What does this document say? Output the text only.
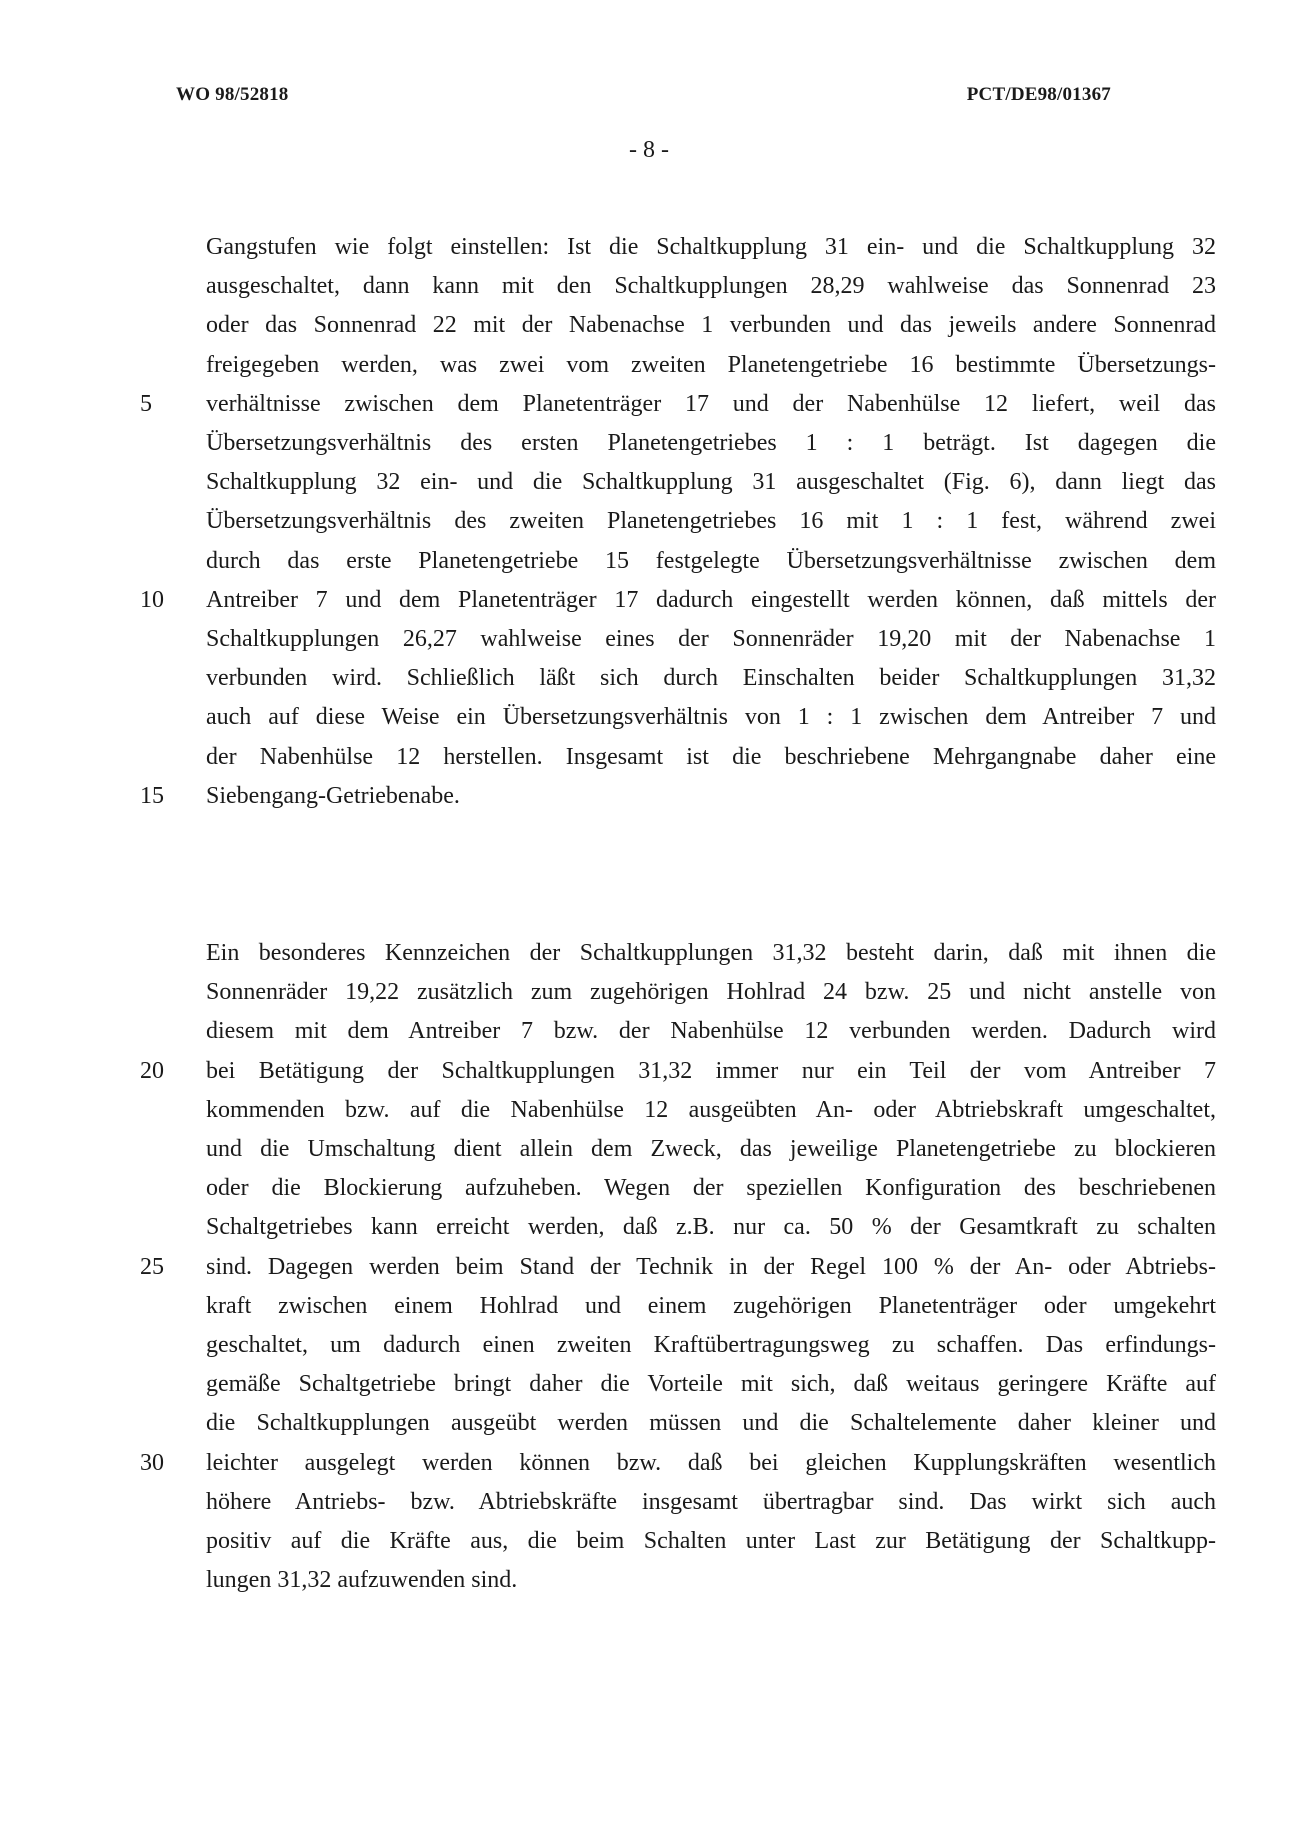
WO 98/52818	PCT/DE98/01367
- 8 -
Gangstufen wie folgt einstellen: Ist die Schaltkupplung 31 ein- und die Schaltkupplung 32
ausgeschaltet, dann kann mit den Schaltkupplungen 28,29 wahlweise das Sonnenrad 23
oder das Sonnenrad 22 mit der Nabenachse 1 verbunden und das jeweils andere Sonnenrad
freigegeben werden, was zwei vom zweiten Planetengetriebe 16 bestimmte Übersetzungs-
verhältnisse zwischen dem Planetenträger 17 und der Nabenhülse 12 liefert, weil das
Übersetzungsverhältnis des ersten Planetengetriebes 1 : 1 beträgt. Ist dagegen die
Schaltkupplung 32 ein- und die Schaltkupplung 31 ausgeschaltet (Fig. 6), dann liegt das
Übersetzungsverhältnis des zweiten Planetengetriebes 16 mit 1 : 1 fest, während zwei
durch das erste Planetengetriebe 15 festgelegte Übersetzungsverhältnisse zwischen dem
Antreiber 7 und dem Planetenträger 17 dadurch eingestellt werden können, daß mittels der
Schaltkupplungen 26,27 wahlweise eines der Sonnenräder 19,20 mit der Nabenachse 1
verbunden wird. Schließlich läßt sich durch Einschalten beider Schaltkupplungen 31,32
auch auf diese Weise ein Übersetzungsverhältnis von 1 : 1 zwischen dem Antreiber 7 und
der Nabenhülse 12 herstellen. Insgesamt ist die beschriebene Mehrgangnabe daher eine
Siebengang-Getriebenabe.
Ein besonderes Kennzeichen der Schaltkupplungen 31,32 besteht darin, daß mit ihnen die
Sonnenräder 19,22 zusätzlich zum zugehörigen Hohlrad 24 bzw. 25 und nicht anstelle von
diesem mit dem Antreiber 7 bzw. der Nabenhülse 12 verbunden werden. Dadurch wird
bei Betätigung der Schaltkupplungen 31,32 immer nur ein Teil der vom Antreiber 7
kommenden bzw. auf die Nabenhülse 12 ausgeübten An- oder Abtriebskraft umgeschaltet,
und die Umschaltung dient allein dem Zweck, das jeweilige Planetengetriebe zu blockieren
oder die Blockierung aufzuheben. Wegen der speziellen Konfiguration des beschriebenen
Schaltgetriebes kann erreicht werden, daß z.B. nur ca. 50 % der Gesamtkraft zu schalten
sind. Dagegen werden beim Stand der Technik in der Regel 100 % der An- oder Abtriebs-
kraft zwischen einem Hohlrad und einem zugehörigen Planetenträger oder umgekehrt
geschaltet, um dadurch einen zweiten Kraftübertragungsweg zu schaffen. Das erfindungs-
gemäße Schaltgetriebe bringt daher die Vorteile mit sich, daß weitaus geringere Kräfte auf
die Schaltkupplungen ausgeübt werden müssen und die Schaltelemente daher kleiner und
leichter ausgelegt werden können bzw. daß bei gleichen Kupplungskräften wesentlich
höhere Antriebs- bzw. Abtriebskräfte insgesamt übertragbar sind. Das wirkt sich auch
positiv auf die Kräfte aus, die beim Schalten unter Last zur Betätigung der Schaltkupp-
lungen 31,32 aufzuwenden sind.
5
10
15
20
25
30
